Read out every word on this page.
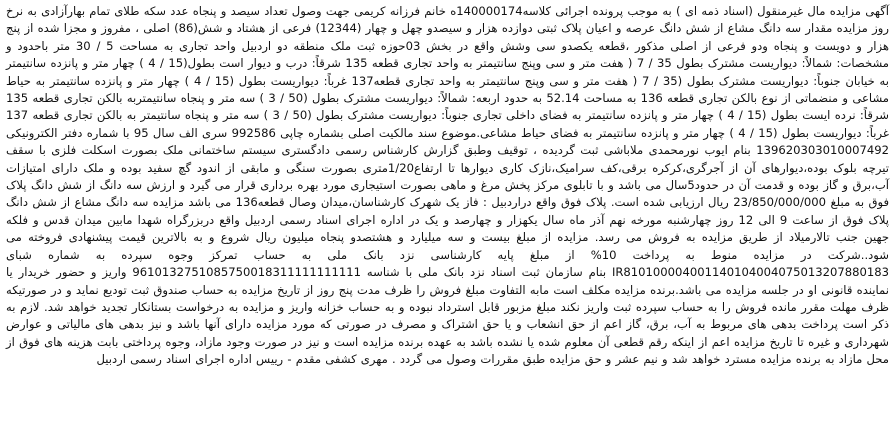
آگهی مزایده مال غیرمنقول (اسناد ذمه ای ) به موجب پرونده اجرائی کلاسه140000174ه خانم فرزانه کریمی جهت وصول تعداد سیصد و پنجاه عدد سکه طلای تمام بهارآزادی به نرخ روز مزایده مقدار سه دانگ مشاع از شش دانگ عرصه و اعیان پلاک ثبتی دوازده هزار و سیصدو چهل و چهار (12344) فرعی از هشتاد و شش(86) اصلی ، مفروز و مجزا شده از پنج هزار و دویست و پنجاه ودو فرعی از اصلی مذکور ،قطعه یکصدو سی وشش واقع در بخش 03حوزه ثبت ملک منطقه دو اردبیل واحد تجاری به مساحت 5 / 30 متر باحدود و مشخصات: شمالاً: دیواریست مشترک بطول 35 / 7 ( هفت متر و سی وپنج سانتیمتر به واحد تجاری قطعه 135 شرقاً: درب و دیوار است بطول(15 / 4 ) چهار متر و پانزده سانتیمتر به خیابان جنوباً: دیواریست مشترک بطول (35 / 7 ( هفت متر و سی وپنج سانتیمتر به واحد تجاری قطعه137 غرباً: دیواریست بطول (15 / 4 ) چهار متر و پانزده سانتیمتر به حیاط مشاعی و منضماتی از نوع بالکن تجاری قطعه 136 به مساحت 52.14 به حدود اربعه: شمالاً: دیواریست مشترک بطول (50 / 3 ) سه متر و پنجاه سانتیمتربه بالکن تجاری قطعه 135 شرقاً: نرده ایست بطول (15 / 4 ) چهار متر و پانزده سانتیمتر به فضای داخلی تجاری جنوباً: دیواریست مشترک بطول (50 / 3 ) سه متر و پنجاه سانتیمتر به بالکن تجاری قطعه 137 غرباً: دیواریست بطول (15 / 4 ) چهار متر و پانزده سانتیمتر به فضای حیاط مشاعی.موضوع سند مالکیت اصلی بشماره چاپی 992586 سری الف سال 95 با شماره دفتر الکترونیکی 139620303010007492 بنام ایوب نورمحمدی ملاباشی ثبت گردیده ، توقیف وطبق گزارش کارشناس رسمی دادگستری سیستم ساختمانی ملک بصورت اسکلت فلزی با سقف تیرچه بلوک بوده،دیوارهای آن از آجرگری،کرکره برقی،کف سرامیک،نازک کاری دیوارها تا ارتفاع1/20متری بصورت سنگی و مابقی از اندود گچ سفید بوده و ملک دارای امتیازات آب،برق و گاز بوده و قدمت آن در حدود5سال می باشد و با تابلوی مرکز پخش مرغ و ماهی بصورت استیجاری مورد بهره برداری قرار می گیرد و ارزش سه دانگ از شش دانگ پلاک فوق به مبلغ 23/850/000/000 ریال ارزیابی شده است. پلاک فوق واقع دراردبیل : فاز یک شهرک کارشناسان،میدان وصال قطعه136 می باشد مزایده سه دانگ مشاع از شش دانگ پلاک فوق از ساعت 9 الی 12 روز چهارشنبه مورخه نهم آذر ماه سال یکهزار و چهارصد و یک در اداره اجرای اسناد رسمی اردبیل واقع دربزرگراه شهدا مابین میدان قدس و فلکه جهین جنب تالارمیلاد از طریق مزایده به فروش می رسد. مزایده از مبلغ بیست و سه میلیارد و هشتصدو پنجاه میلیون ریال شروع و به بالاترین قیمت پیشنهادی فروخته می شود..شرکت در مزایده منوط به پرداخت 10% از مبلغ پایه کارشناسی نزد بانک ملی به حساب تمرکز وجوه سپرده به شماره شبای IR810100004001140104004075013207880183 بنام سازمان ثبت اسناد نزد بانک ملی با شناسه 9610132751085750018311111111111 واریز و حضور خریدار یا نماینده قانونی او در جلسه مزایده می باشد.برنده مزایده مکلف است مابه التفاوت مبلغ فروش را ظرف مدت پنج روز از تاریخ مزایده به حساب صندوق ثبت تودیع نماید و در صورتیکه ظرف مهلت مقرر مانده فروش را به حساب سپرده ثبت واریز نکند مبلغ مزبور قابل استرداد نبوده و به حساب خزانه واریز و مزایده به درخواست بستانکار تجدید خواهد شد. لازم به ذکر است پرداخت بدهی های مربوط به آب، برق، گاز اعم از حق انشعاب و یا حق اشتراک و مصرف در صورتی که مورد مزایده دارای آنها باشد و نیز بدهی های مالیاتی و عوارض شهرداری و غیره تا تاریخ مزایده اعم از اینکه رقم قطعی آن معلوم شده یا نشده باشد به عهده برنده مزایده است و نیز در صورت وجود مازاد، وجوه پرداختی بابت هزینه های فوق از محل مازاد به برنده مزایده مسترد خواهد شد و نیم عشر و حق مزایده طبق مقررات وصول می گردد . مهری کشفی مقدم - رییس اداره اجرای اسناد رسمی اردبیل
